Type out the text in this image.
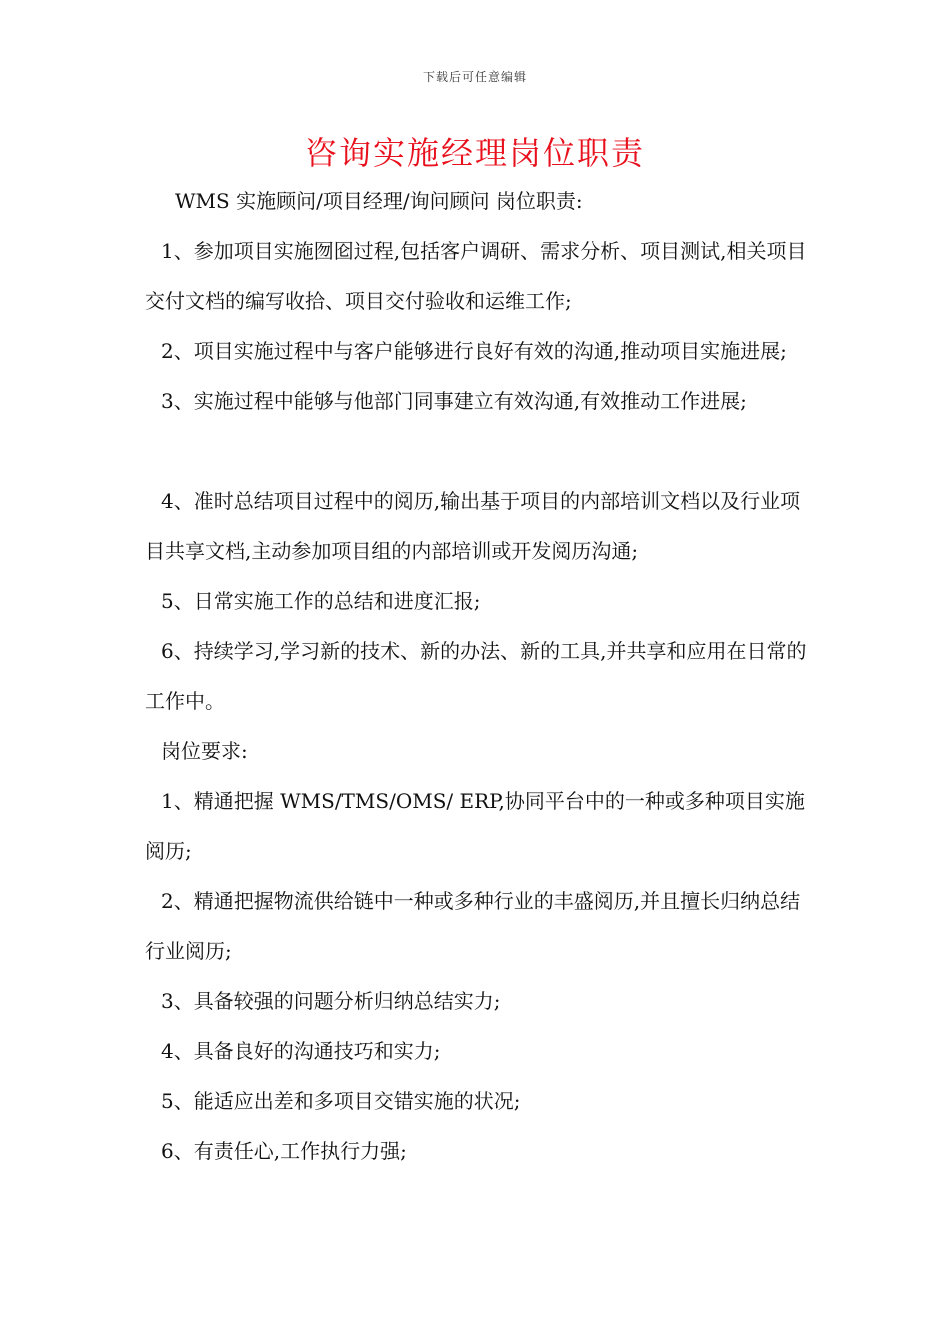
下载后可任意编辑
咨询实施经理岗位职责

WMS 实施顾问/项目经理/询问顾问 岗位职责:

1、参加项目实施囫囵过程,包括客户调研、需求分析、项目测试,相关项目交付文档的编写收拾、项目交付验收和运维工作;

2、项目实施过程中与客户能够进行良好有效的沟通,推动项目实施进展;

3、实施过程中能够与他部门同事建立有效沟通,有效推动工作进展;

4、准时总结项目过程中的阅历,输出基于项目的内部培训文档以及行业项目共享文档,主动参加项目组的内部培训或开发阅历沟通;

5、日常实施工作的总结和进度汇报;

6、持续学习,学习新的技术、新的办法、新的工具,并共享和应用在日常的工作中。

岗位要求:

1、精通把握 WMS/TMS/OMS/ ERP,协同平台中的一种或多种项目实施阅历;

2、精通把握物流供给链中一种或多种行业的丰盛阅历,并且擅长归纳总结行业阅历;

3、具备较强的问题分析归纳总结实力;

4、具备良好的沟通技巧和实力;

5、能适应出差和多项目交错实施的状况;

6、有责任心,工作执行力强;
